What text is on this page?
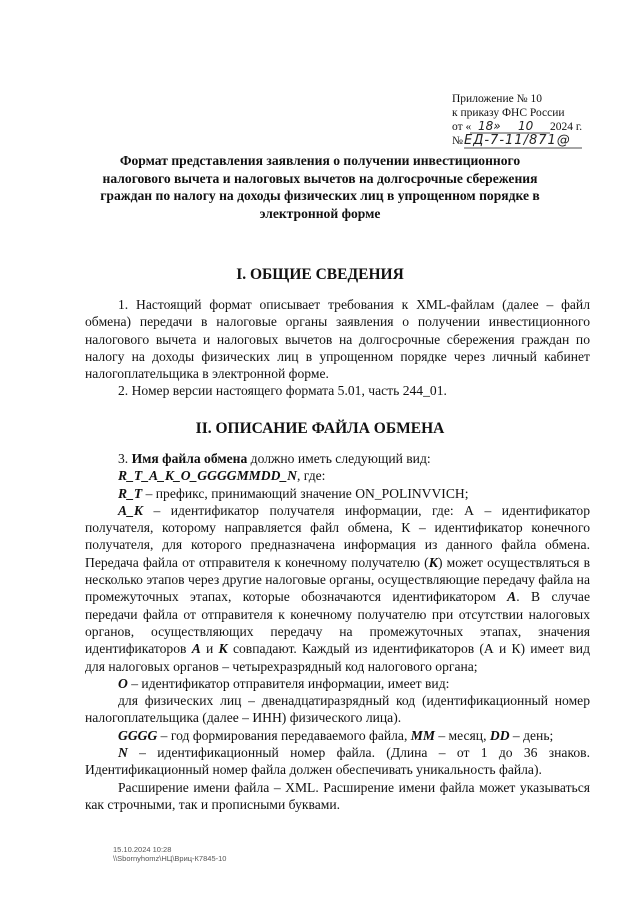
Приложение № 10
к приказу ФНС России
от « 18» 10 2024 г.
№ ЕД-7-11/871@
Формат представления заявления о получении инвестиционного налогового вычета и налоговых вычетов на долгосрочные сбережения граждан по налогу на доходы физических лиц в упрощенном порядке в электронной форме
I. ОБЩИЕ СВЕДЕНИЯ

1. Настоящий формат описывает требования к XML-файлам (далее – файл обмена) передачи в налоговые органы заявления о получении инвестиционного налогового вычета и налоговых вычетов на долгосрочные сбережения граждан по налогу на доходы физических лиц в упрощенном порядке через личный кабинет налогоплательщика в электронной форме.

2. Номер версии настоящего формата 5.01, часть 244_01.

II. ОПИСАНИЕ ФАЙЛА ОБМЕНА

3. Имя файла обмена должно иметь следующий вид:

R_T_A_K_O_GGGGMMDD_N, где:

R_T – префикс, принимающий значение ON_POLINVVICH;

A_K – идентификатор получателя информации, где: А – идентификатор получателя, которому направляется файл обмена, К – идентификатор конечного получателя, для которого предназначена информация из данного файла обмена. Передача файла от отправителя к конечному получателю (К) может осуществляться в несколько этапов через другие налоговые органы, осуществляющие передачу файла на промежуточных этапах, которые обозначаются идентификатором А. В случае передачи файла от отправителя к конечному получателю при отсутствии налоговых органов, осуществляющих передачу на промежуточных этапах, значения идентификаторов А и К совпадают. Каждый из идентификаторов (А и К) имеет вид для налоговых органов – четырехразрядный код налогового органа;

O – идентификатор отправителя информации, имеет вид:

для физических лиц – двенадцатиразрядный код (идентификационный номер налогоплательщика (далее – ИНН) физического лица).

GGGG – год формирования передаваемого файла, MM – месяц, DD – день;

N – идентификационный номер файла. (Длина – от 1 до 36 знаков. Идентификационный номер файла должен обеспечивать уникальность файла).

Расширение имени файла – XML. Расширение имени файла может указываться как строчными, так и прописными буквами.

15.10.2024 10:28
\\Sbornyhomz\НЦ\Вриц-К7845-10
